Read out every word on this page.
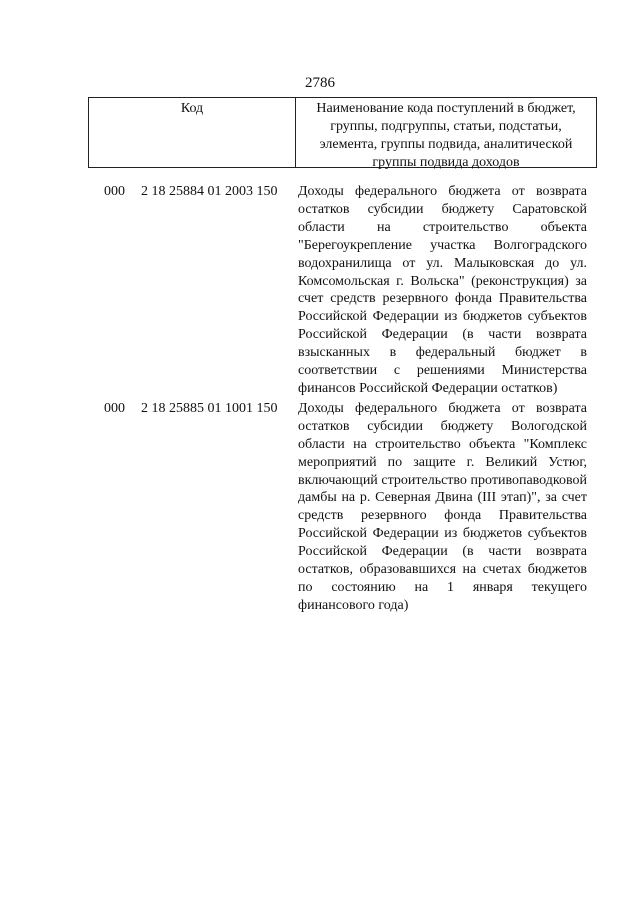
2786
Код	Наименование кода поступлений в бюджет, группы, подгруппы, статьи, подстатьи, элемента, группы подвида, аналитической группы подвида доходов
000 2 18 25884 01 2003 150 Доходы федерального бюджета от возврата остатков субсидии бюджету Саратовской области на строительство объекта "Берегоукрепление участка Волгоградского водохранилища от ул. Малыковская до ул. Комсомольская г. Вольска" (реконструкция) за счет средств резервного фонда Правительства Российской Федерации из бюджетов субъектов Российской Федерации (в части возврата взысканных в федеральный бюджет в соответствии с решениями Министерства финансов Российской Федерации остатков)
000 2 18 25885 01 1001 150 Доходы федерального бюджета от возврата остатков субсидии бюджету Вологодской области на строительство объекта "Комплекс мероприятий по защите г. Великий Устюг, включающий строительство противопаводковой дамбы на р. Северная Двина (III этап)", за счет средств резервного фонда Правительства Российской Федерации из бюджетов субъектов Российской Федерации (в части возврата остатков, образовавшихся на счетах бюджетов по состоянию на 1 января текущего финансового года)
